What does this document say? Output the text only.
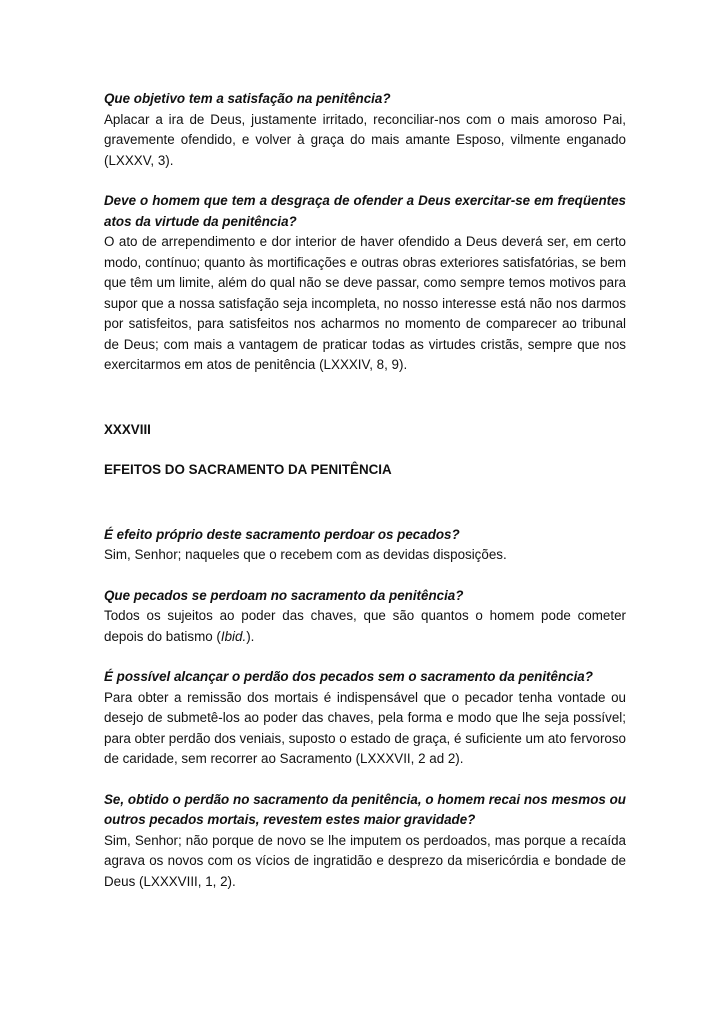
Que objetivo tem a satisfação na penitência?

Aplacar a ira de Deus, justamente irritado, reconciliar-nos com o mais amoroso Pai, gravemente ofendido, e volver à graça do mais amante Esposo, vilmente enganado (LXXXV, 3).

Deve o homem que tem a desgraça de ofender a Deus exercitar-se em freqüentes atos da virtude da penitência?

O ato de arrependimento e dor interior de haver ofendido a Deus deverá ser, em certo modo, contínuo; quanto às mortificações e outras obras exteriores satisfatórias, se bem que têm um limite, além do qual não se deve passar, como sempre temos motivos para supor que a nossa satisfação seja incompleta, no nosso interesse está não nos darmos por satisfeitos, para satisfeitos nos acharmos no momento de comparecer ao tribunal de Deus; com mais a vantagem de praticar todas as virtudes cristãs, sempre que nos exercitarmos em atos de penitência (LXXXIV, 8, 9).

XXXVIII

EFEITOS DO SACRAMENTO DA PENITÊNCIA

É efeito próprio deste sacramento perdoar os pecados?

Sim, Senhor; naqueles que o recebem com as devidas disposições.

Que pecados se perdoam no sacramento da penitência?

Todos os sujeitos ao poder das chaves, que são quantos o homem pode cometer depois do batismo (Ibid.).

É possível alcançar o perdão dos pecados sem o sacramento da penitência?

Para obter a remissão dos mortais é indispensável que o pecador tenha vontade ou desejo de submetê-los ao poder das chaves, pela forma e modo que lhe seja possível; para obter perdão dos veniais, suposto o estado de graça, é suficiente um ato fervoroso de caridade, sem recorrer ao Sacramento (LXXXVII, 2 ad 2).

Se, obtido o perdão no sacramento da penitência, o homem recai nos mesmos ou outros pecados mortais, revestem estes maior gravidade?

Sim, Senhor; não porque de novo se lhe imputem os perdoados, mas porque a recaída agrava os novos com os vícios de ingratidão e desprezo da misericórdia e bondade de Deus (LXXXVIII, 1, 2).
